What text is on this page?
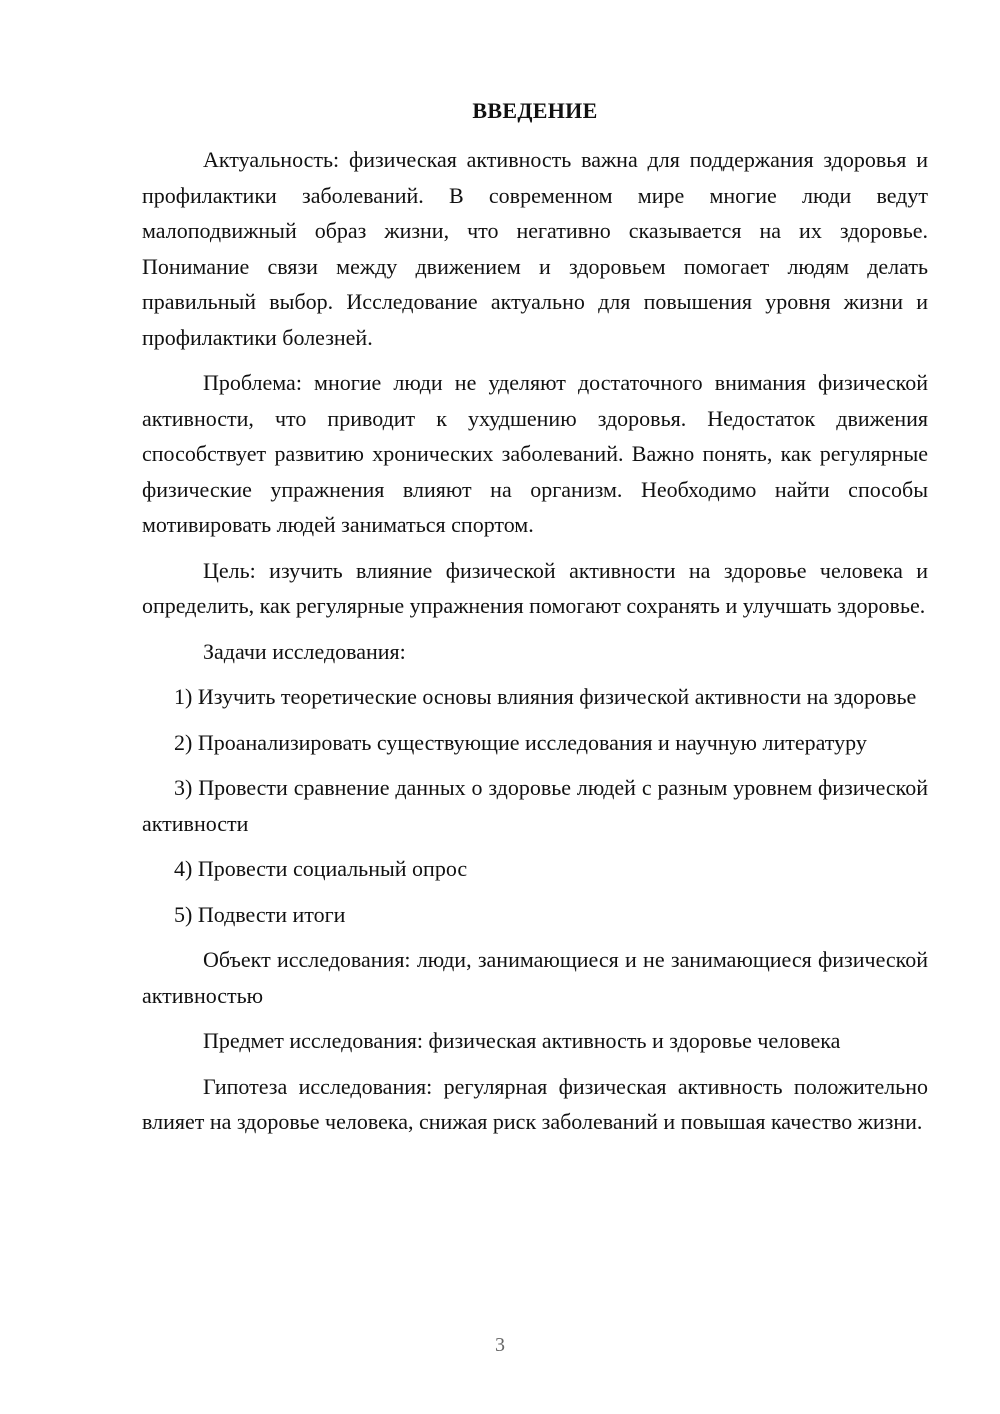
ВВЕДЕНИЕ

Актуальность: физическая активность важна для поддержания здоровья и профилактики заболеваний. В современном мире многие люди ведут малоподвижный образ жизни, что негативно сказывается на их здоровье. Понимание связи между движением и здоровьем помогает людям делать правильный выбор. Исследование актуально для повышения уровня жизни и профилактики болезней.

Проблема: многие люди не уделяют достаточного внимания физической активности, что приводит к ухудшению здоровья. Недостаток движения способствует развитию хронических заболеваний. Важно понять, как регулярные физические упражнения влияют на организм. Необходимо найти способы мотивировать людей заниматься спортом.

Цель: изучить влияние физической активности на здоровье человека и определить, как регулярные упражнения помогают сохранять и улучшать здоровье.

Задачи исследования:

1) Изучить теоретические основы влияния физической активности на здоровье

2) Проанализировать существующие исследования и научную литературу

3) Провести сравнение данных о здоровье людей с разным уровнем физической активности

4) Провести социальный опрос

5) Подвести итоги

Объект исследования: люди, занимающиеся и не занимающиеся физической активностью

Предмет исследования: физическая активность и здоровье человека

Гипотеза исследования: регулярная физическая активность положительно влияет на здоровье человека, снижая риск заболеваний и повышая качество жизни.

3
